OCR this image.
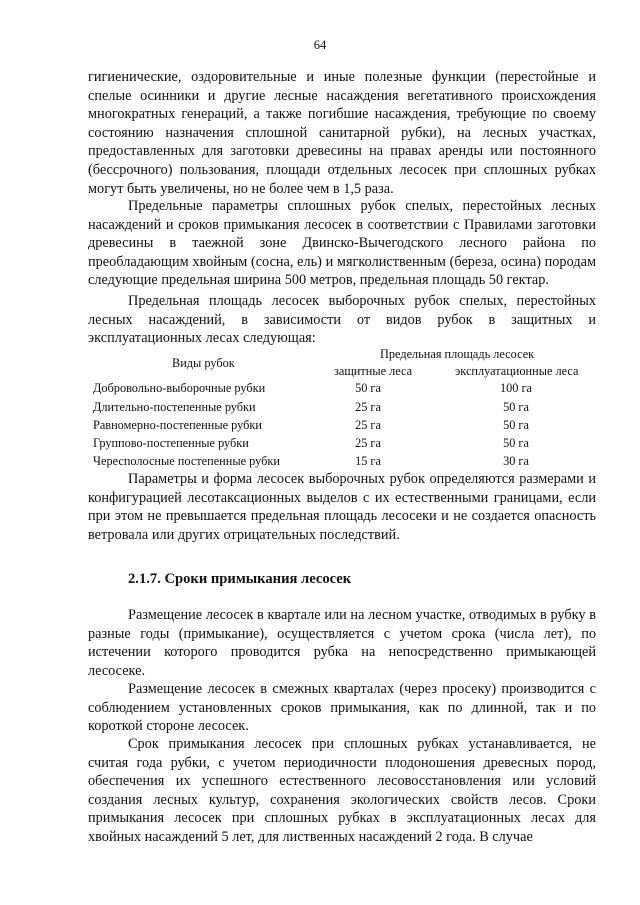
64

гигиенические, оздоровительные и иные полезные функции (перестойные и спелые осинники и другие лесные насаждения вегетативного происхождения многократных генераций, а также погибшие насаждения, требующие по своему состоянию назначения сплошной санитарной рубки), на лесных участках, предоставленных для заготовки древесины на правах аренды или постоянного (бессрочного) пользования, площади отдельных лесосек при сплошных рубках могут быть увеличены, но не более чем в 1,5 раза.

Предельные параметры сплошных рубок спелых, перестойных лесных насаждений и сроков примыкания лесосек в соответствии с Правилами заготовки древесины в таежной зоне Двинско-Вычегодского лесного района по преобладающим хвойным (сосна, ель) и мягколиственным (береза, осина) породам следующие предельная ширина 500 метров, предельная площадь 50 гектар.

Предельная площадь лесосек выборочных рубок спелых, перестойных лесных насаждений, в зависимости от видов рубок в защитных и эксплуатационных лесах следующая:

Виды рубок
Предельная площадь лесосек
защитные леса	эксплуатационные леса
Добровольно-выборочные рубки	50 га	100 га
Длительно-постепенные рубки	25 га	50 га
Равномерно-постепенные рубки	25 га	50 га
Группово-постепенные рубки	25 га	50 га
Чересполосные постепенные рубки	15 га	30 га

Параметры и форма лесосек выборочных рубок определяются размерами и конфигурацией лесотаксационных выделов с их естественными границами, если при этом не превышается предельная площадь лесосеки и не создается опасность ветровала или других отрицательных последствий.

2.1.7. Сроки примыкания лесосек

Размещение лесосек в квартале или на лесном участке, отводимых в рубку в разные годы (примыкание), осуществляется с учетом срока (числа лет), по истечении которого проводится рубка на непосредственно примыкающей лесосеке.

Размещение лесосек в смежных кварталах (через просеку) производится с соблюдением установленных сроков примыкания, как по длинной, так и по короткой стороне лесосек.

Срок примыкания лесосек при сплошных рубках устанавливается, не считая года рубки, с учетом периодичности плодоношения древесных пород, обеспечения их успешного естественного лесовосстановления или условий создания лесных культур, сохранения экологических свойств лесов. Сроки примыкания лесосек при сплошных рубках в эксплуатационных лесах для хвойных насаждений 5 лет, для лиственных насаждений 2 года. В случае
